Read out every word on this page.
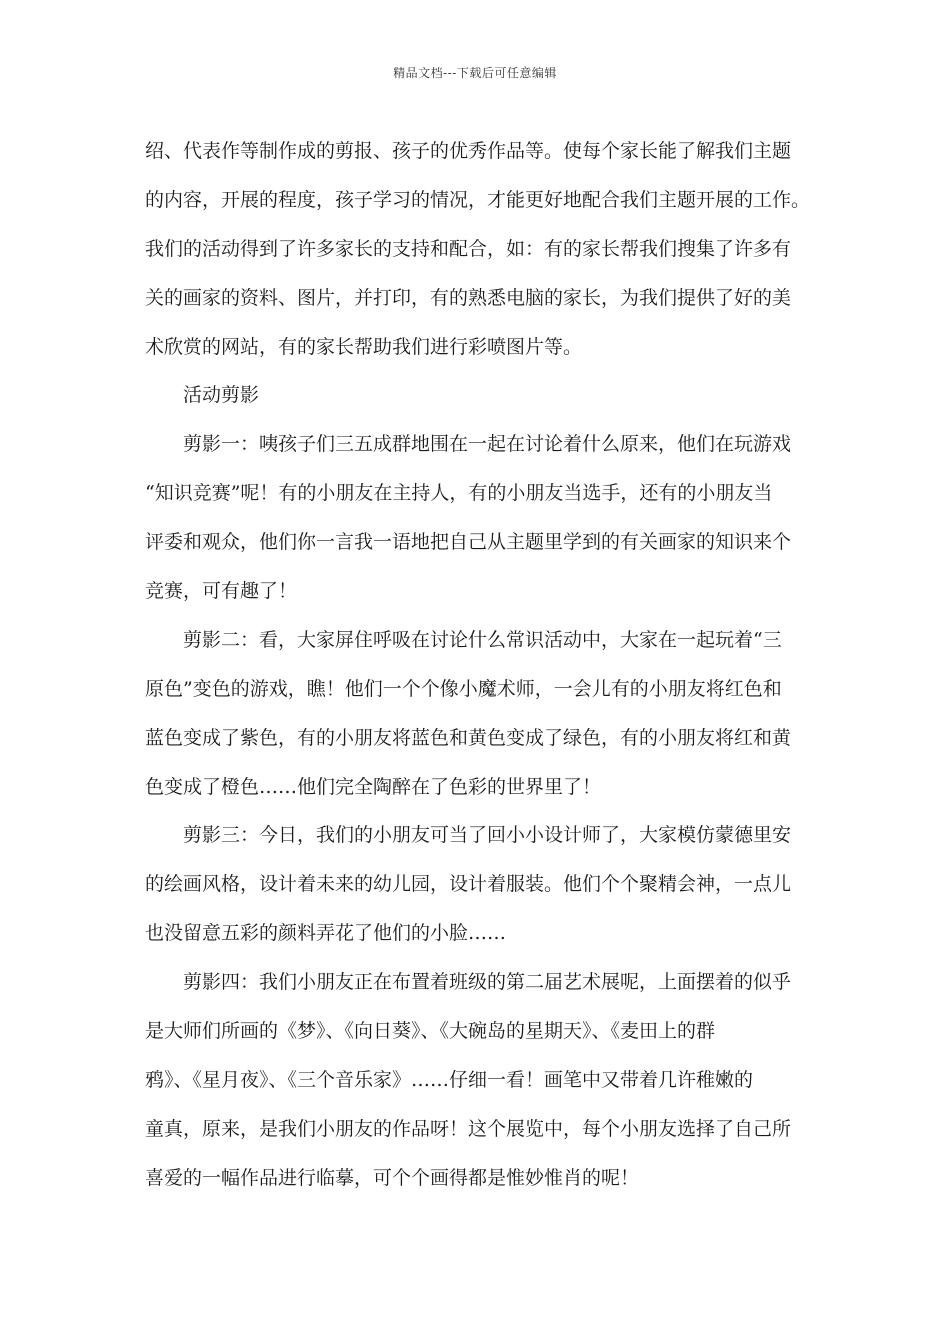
精品文档---下载后可任意编辑
绍、代表作等制作成的剪报、孩子的优秀作品等。使每个家长能了解我们主题
的内容，开展的程度，孩子学习的情况，才能更好地配合我们主题开展的工作。
我们的活动得到了许多家长的支持和配合，如：有的家长帮我们搜集了许多有
关的画家的资料、图片，并打印，有的熟悉电脑的家长，为我们提供了好的美
术欣赏的网站，有的家长帮助我们进行彩喷图片等。
活动剪影
剪影一：咦孩子们三五成群地围在一起在讨论着什么原来，他们在玩游戏
“知识竞赛”呢！有的小朋友在主持人，有的小朋友当选手，还有的小朋友当
评委和观众，他们你一言我一语地把自己从主题里学到的有关画家的知识来个
竞赛，可有趣了！
剪影二：看，大家屏住呼吸在讨论什么常识活动中，大家在一起玩着“三
原色”变色的游戏，瞧！他们一个个像小魔术师，一会儿有的小朋友将红色和
蓝色变成了紫色，有的小朋友将蓝色和黄色变成了绿色，有的小朋友将红和黄
色变成了橙色……他们完全陶醉在了色彩的世界里了！
剪影三：今日，我们的小朋友可当了回小小设计师了，大家模仿蒙德里安
的绘画风格，设计着未来的幼儿园，设计着服装。他们个个聚精会神，一点儿
也没留意五彩的颜料弄花了他们的小脸……
剪影四：我们小朋友正在布置着班级的第二届艺术展呢，上面摆着的似乎
是大师们所画的《梦》、《向日葵》、《大碗岛的星期天》、《麦田上的群
鸦》、《星月夜》、《三个音乐家》……仔细一看！画笔中又带着几许稚嫩的
童真，原来，是我们小朋友的作品呀！这个展览中，每个小朋友选择了自己所
喜爱的一幅作品进行临摹，可个个画得都是惟妙惟肖的呢！
